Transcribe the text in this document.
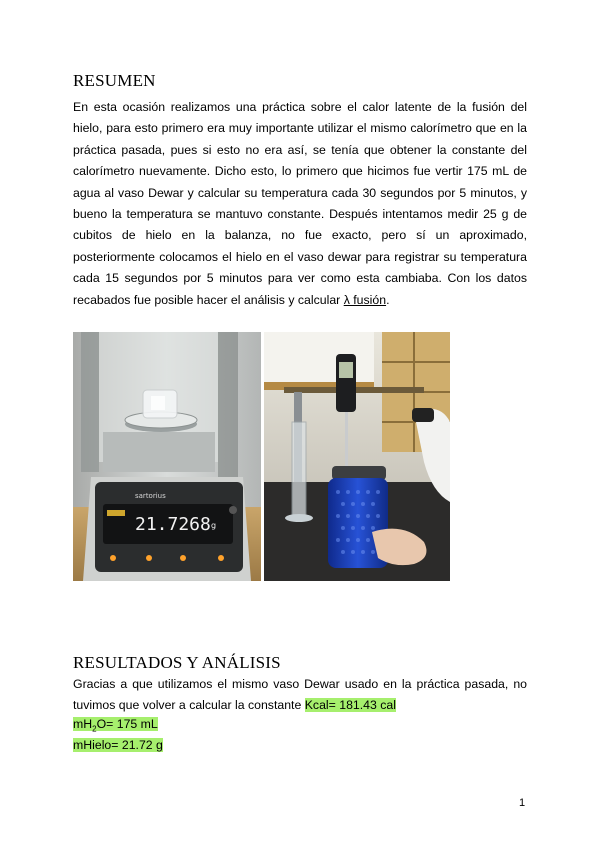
RESUMEN
En esta ocasión realizamos una práctica sobre el calor latente de la fusión del hielo, para esto primero era muy importante utilizar el mismo calorímetro que en la práctica pasada, pues si esto no era así, se tenía que obtener la constante del calorímetro nuevamente. Dicho esto, lo primero que hicimos fue vertir 175 mL de agua al vaso Dewar y calcular su temperatura cada 30 segundos por 5 minutos, y bueno la temperatura se mantuvo constante. Después intentamos medir 25 g de cubitos de hielo en la balanza, no fue exacto, pero sí un aproximado, posteriormente colocamos el hielo en el vaso dewar para registrar su temperatura cada 15 segundos por 5 minutos para ver como esta cambiaba. Con los datos recabados fue posible hacer el análisis y calcular λ fusión.
sartorius
21.7268 g
RESULTADOS Y ANÁLISIS
Gracias a que utilizamos el mismo vaso Dewar usado en la práctica pasada, no tuvimos que volver a calcular la constante Kcal= 181.43 cal
$mH_2O= 175$ mL
mHielo= 21.72 g
1
